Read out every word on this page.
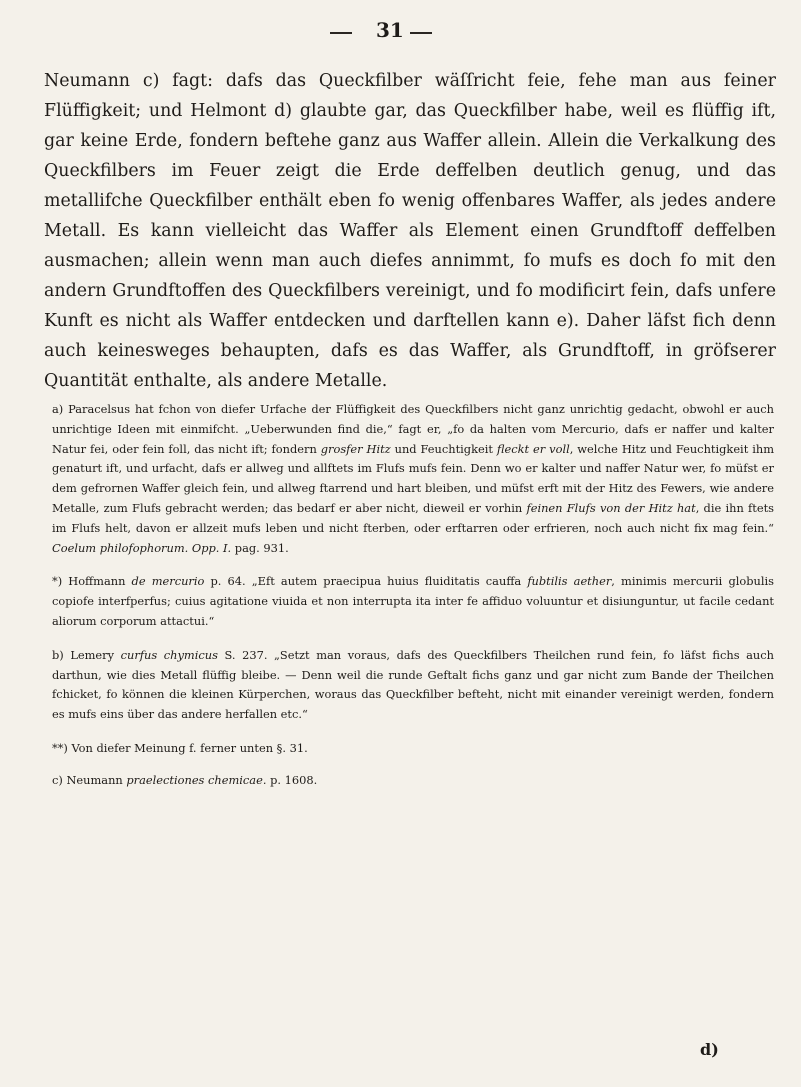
31

Neumann c) fagt: dafs das Queckfilber wäſſricht feie, fehe man aus feiner Flüffigkeit; und Helmont d) glaubte gar, das Queckfilber habe, weil es flüffig ift, gar keine Erde, fondern beftehe ganz aus Waffer allein. Allein die Verkalkung des Queckfilbers im Feuer zeigt die Erde deffelben deutlich genug, und das metallifche Queckfilber enthält eben fo wenig offenbares Waffer, als jedes andere Metall. Es kann vielleicht das Waffer als Element einen Grundftoff deffelben ausmachen; allein wenn man auch diefes annimmt, fo mufs es doch fo mit den andern Grundftoffen des Queckfilbers vereinigt, und fo modificirt fein, dafs unfere Kunft es nicht als Waffer entdecken und darftellen kann e). Daher läfst fich denn auch keinesweges behaupten, dafs es das Waffer, als Grundftoff, in gröfserer Quantität enthalte, als andere Metalle.

a) Paracelsus hat fchon von diefer Urfache der Flüffigkeit des Queckfilbers nicht ganz unrichtig gedacht, obwohl er auch unrichtige Ideen mit einmifcht. „Ueberwunden find die,“ fagt er, „fo da halten vom Mercurio, dafs er naffer und kalter Natur fei, oder fein foll, das nicht ift; fondern grosfer Hitz und Feuchtigkeit fleckt er voll, welche Hitz und Feuchtigkeit ihm genaturt ift, und urfacht, dafs er allweg und allftets im Flufs mufs fein. Denn wo er kalter und naffer Natur wer, fo müfst er dem gefrornen Waffer gleich fein, und allweg ftarrend und hart bleiben, und müfst erft mit der Hitz des Fewers, wie andere Metalle, zum Flufs gebracht werden; das bedarf er aber nicht, dieweil er vorhin feinen Flufs von der Hitz hat, die ihn ftets im Flufs helt, davon er allzeit mufs leben und nicht fterben, oder erftarren oder erfrieren, noch auch nicht fix mag fein.“ Coelum philofophorum. Opp. I. pag. 931.

*) Hoffmann de mercurio p. 64. „Eft autem praecipua huius fluiditatis cauffa fubtilis aether, minimis mercurii globulis copiofe interfperfus; cuius agitatione viuida et non interrupta ita inter fe affiduo voluuntur et disiunguntur, ut facile cedant aliorum corporum attactui.“

b) Lemery curfus chymicus S. 237. „Setzt man voraus, dafs des Queckfilbers Theilchen rund fein, fo läfst fichs auch darthun, wie dies Metall flüffig bleibe. — Denn weil die runde Geftalt fichs ganz und gar nicht zum Bande der Theilchen fchicket, fo können die kleinen Kürperchen, woraus das Queckfilber befteht, nicht mit einander vereinigt werden, fondern es mufs eins über das andere herfallen etc.“

**) Von diefer Meinung f. ferner unten §. 31.

c) Neumann praelectiones chemicae. p. 1608.

d)
